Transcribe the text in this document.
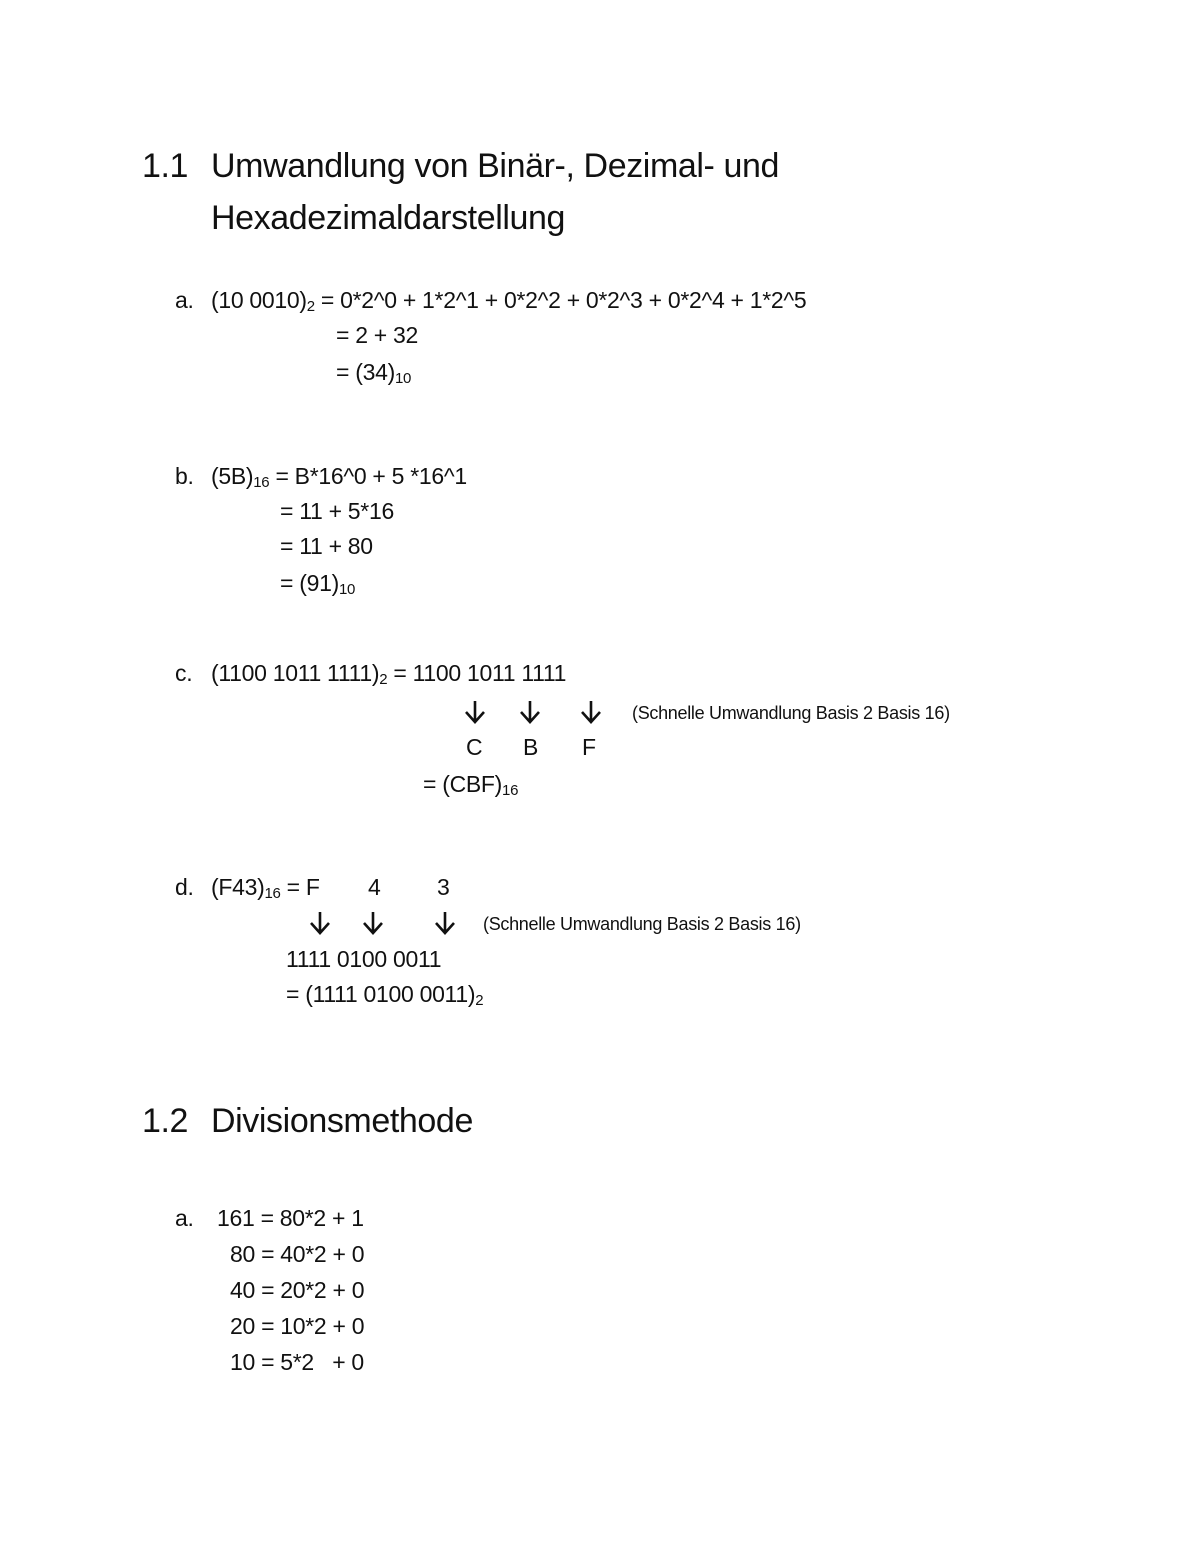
1.1 Umwandlung von Binär-, Dezimal- und
Hexadezimaldarstellung
a. (10 0010)2 = 0*2^0 + 1*2^1 + 0*2^2 + 0*2^3 + 0*2^4 + 1*2^5
= 2 + 32
= (34)10
b. (5B)16 = B*16^0 + 5 *16^1
= 11 + 5*16
= 11 + 80
= (91)10
c. (1100 1011 1111)2 = 1100 1011 1111
(Schnelle Umwandlung Basis 2 Basis 16)
C B F
= (CBF)16
d. (F43)16 = F 4 3
(Schnelle Umwandlung Basis 2 Basis 16)
1111 0100 0011
= (1111 0100 0011)2
1.2 Divisionsmethode
a. 161 = 80*2 + 1
80 = 40*2 + 0
40 = 20*2 + 0
20 = 10*2 + 0
10 = 5*2   + 0
